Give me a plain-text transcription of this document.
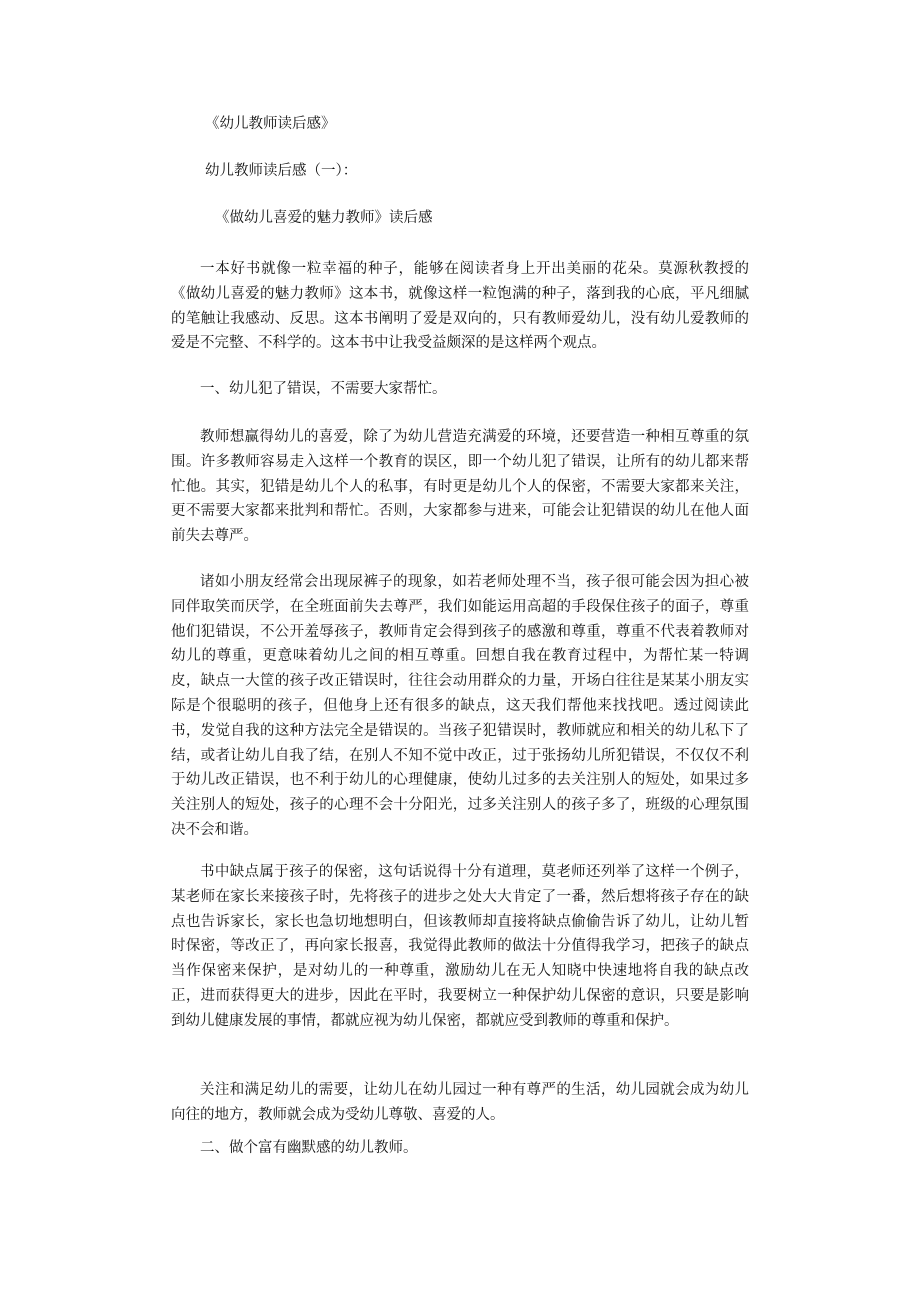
《幼儿教师读后感》
幼儿教师读后感（一）：
《做幼儿喜爱的魅力教师》读后感

一本好书就像一粒幸福的种子，能够在阅读者身上开出美丽的花朵。莫源秋教授的《做幼儿喜爱的魅力教师》这本书，就像这样一粒饱满的种子，落到我的心底，平凡细腻的笔触让我感动、反思。这本书阐明了爱是双向的，只有教师爱幼儿，没有幼儿爱教师的爱是不完整、不科学的。这本书中让我受益颇深的是这样两个观点。

一、幼儿犯了错误，不需要大家帮忙。

教师想赢得幼儿的喜爱，除了为幼儿营造充满爱的环境，还要营造一种相互尊重的氛围。许多教师容易走入这样一个教育的误区，即一个幼儿犯了错误，让所有的幼儿都来帮忙他。其实，犯错是幼儿个人的私事，有时更是幼儿个人的保密，不需要大家都来关注，更不需要大家都来批判和帮忙。否则，大家都参与进来，可能会让犯错误的幼儿在他人面前失去尊严。

诸如小朋友经常会出现尿裤子的现象，如若老师处理不当，孩子很可能会因为担心被同伴取笑而厌学，在全班面前失去尊严，我们如能运用高超的手段保住孩子的面子，尊重他们犯错误，不公开羞辱孩子，教师肯定会得到孩子的感激和尊重，尊重不代表着教师对幼儿的尊重，更意味着幼儿之间的相互尊重。回想自我在教育过程中，为帮忙某一特调皮，缺点一大筐的孩子改正错误时，往往会动用群众的力量，开场白往往是某某小朋友实际是个很聪明的孩子，但他身上还有很多的缺点，这天我们帮他来找找吧。透过阅读此书，发觉自我的这种方法完全是错误的。当孩子犯错误时，教师就应和相关的幼儿私下了结，或者让幼儿自我了结，在别人不知不觉中改正，过于张扬幼儿所犯错误，不仅仅不利于幼儿改正错误，也不利于幼儿的心理健康，使幼儿过多的去关注别人的短处，如果过多关注别人的短处，孩子的心理不会十分阳光，过多关注别人的孩子多了，班级的心理氛围决不会和谐。

书中缺点属于孩子的保密，这句话说得十分有道理，莫老师还列举了这样一个例子，某老师在家长来接孩子时，先将孩子的进步之处大大肯定了一番，然后想将孩子存在的缺点也告诉家长，家长也急切地想明白，但该教师却直接将缺点偷偷告诉了幼儿，让幼儿暂时保密，等改正了，再向家长报喜，我觉得此教师的做法十分值得我学习，把孩子的缺点当作保密来保护，是对幼儿的一种尊重，激励幼儿在无人知晓中快速地将自我的缺点改正，进而获得更大的进步，因此在平时，我要树立一种保护幼儿保密的意识，只要是影响到幼儿健康发展的事情，都就应视为幼儿保密，都就应受到教师的尊重和保护。

关注和满足幼儿的需要，让幼儿在幼儿园过一种有尊严的生活，幼儿园就会成为幼儿向往的地方，教师就会成为受幼儿尊敬、喜爱的人。

二、做个富有幽默感的幼儿教师。
